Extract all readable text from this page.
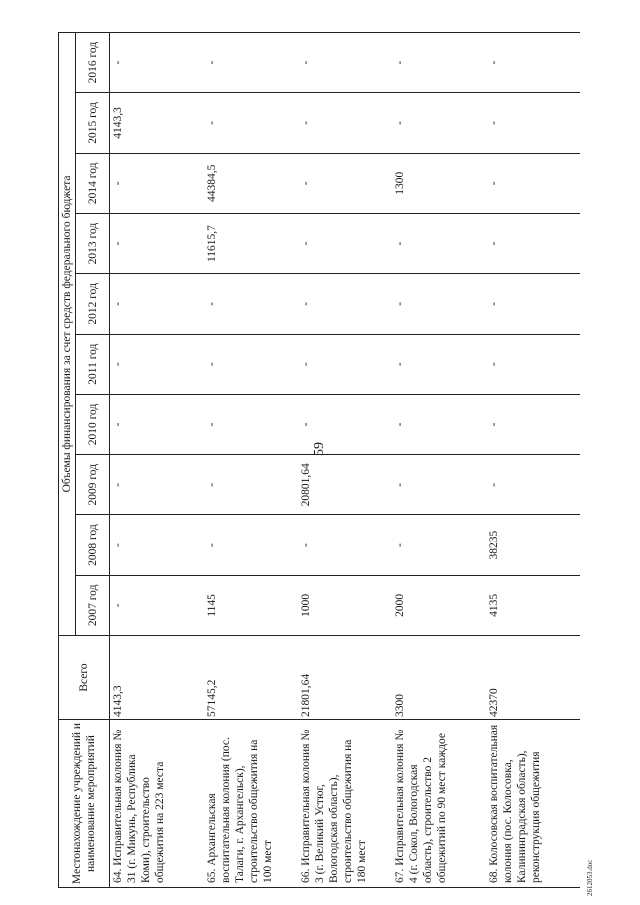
59
Местонахождение учреждений и наименование мероприятий	Всего	Объемы финансирования за счет средств федерального бюджета									
		2007 год	2008 год	2009 год	2010 год	2011 год	2012 год	2013 год	2014 год	2015 год	2016 год
64. Исправительная колония № 31 (г. Микунь, Республика Коми), строительство общежития на 223 места	4143,3	-	-	-	-	-	-	-	-	4143,3	-
65. Архангельская воспитательная колония (пос. Талаги, г. Архангельск), строительство общежития на 100 мест	57145,2	1145	-	-	-	-	-	11615,7	44384,5	-	-
66. Исправительная колония № 3 (г. Великий Устюг, Вологодская область), строительство общежития на 180 мест	21801,64	1000	-	20801,64	-	-	-	-	-	-	-
67. Исправительная колония № 4 (г. Сокол, Вологодская область), строительство 2 общежитий по 90 мест каждое	3300	2000	-	-	-	-	-	-	1300	-	-
68. Колосовская воспитательная колония (пос. Колосовка, Калининградская область), реконструкция общежития	42370	4135	38235	-	-	-	-	-	-	-	-
2612053.doc
